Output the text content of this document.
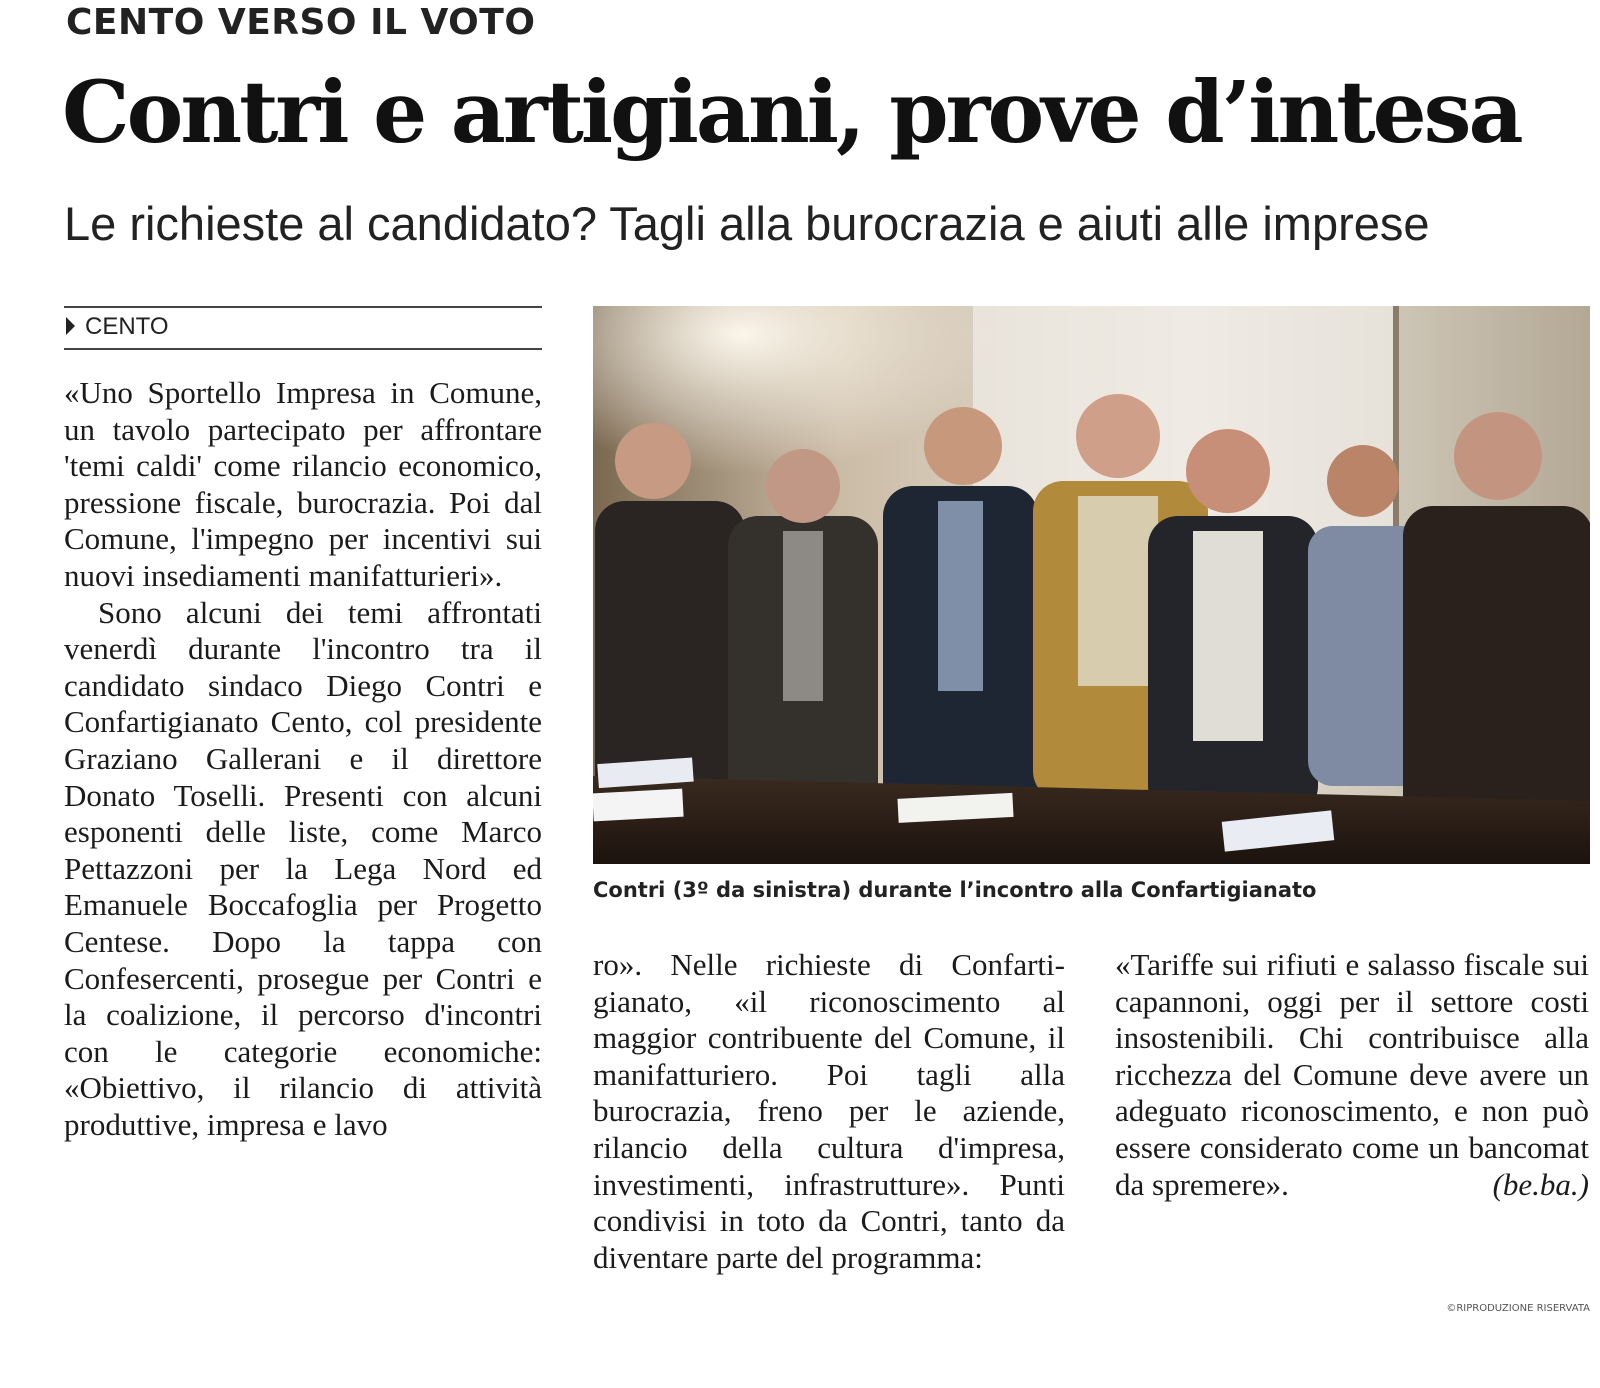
CENTO VERSO IL VOTO
Contri e artigiani, prove d’intesa
Le richieste al candidato? Tagli alla burocrazia e aiuti alle imprese
CENTO

«Uno Sportello Impresa in Comune, un tavolo partecipato per affrontare 'temi caldi' come rilancio economico, pressione fiscale, burocrazia. Poi dal Comune, l'impegno per incentivi sui nuovi insediamenti manifatturieri».

Sono alcuni dei temi affrontati venerdì durante l'incontro tra il candidato sindaco Diego Contri e Confartigianato Cento, col presidente Graziano Gallerani e il direttore Donato Toselli. Presenti con alcuni esponenti delle liste, come Marco Pettazzoni per la Lega Nord ed Emanuele Boccafoglia per Progetto Centese. Dopo la tappa con Confesercenti, prosegue per Contri e la coalizione, il percorso d'incontri con le categorie economiche: «Obiettivo, il rilancio di attività produttive, impresa e lavo

Contri (3º da sinistra) durante l’incontro alla Confartigianato

ro». Nelle richieste di Confartigianato, «il riconoscimento al maggior contribuente del Comune, il manifatturiero. Poi tagli alla burocrazia, freno per le aziende, rilancio della cultura d'impresa, investimenti, infrastrutture». Punti condivisi in toto da Contri, tanto da diventare parte del programma:

«Tariffe sui rifiuti e salasso fiscale sui capannoni, oggi per il settore costi insostenibili. Chi contribuisce alla ricchezza del Comune deve avere un adeguato riconoscimento, e non può essere considerato come un bancomat da spremere».	(be.ba.)

©RIPRODUZIONE RISERVATA
